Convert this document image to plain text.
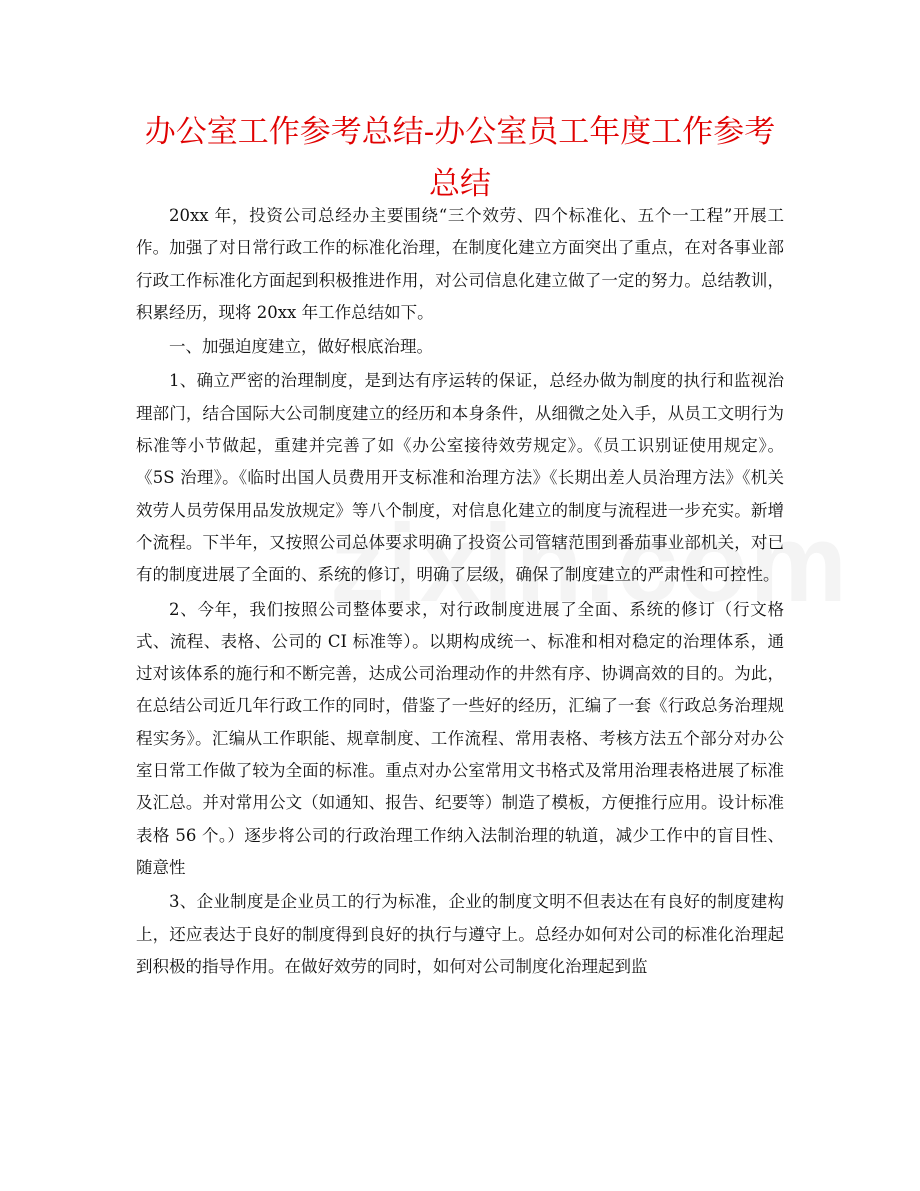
办公室工作参考总结-办公室员工年度工作参考总结

20xx 年，投资公司总经办主要围绕“三个效劳、四个标准化、五个一工程”开展工作。加强了对日常行政工作的标准化治理，在制度化建立方面突出了重点，在对各事业部行政工作标准化方面起到积极推进作用，对公司信息化建立做了一定的努力。总结教训，积累经历，现将 20xx 年工作总结如下。

一、加强迫度建立，做好根底治理。

1、确立严密的治理制度，是到达有序运转的保证，总经办做为制度的执行和监视治理部门，结合国际大公司制度建立的经历和本身条件，从细微之处入手，从员工文明行为标准等小节做起，重建并完善了如《办公室接待效劳规定》。《员工识别证使用规定》。《5S 治理》。《临时出国人员费用开支标准和治理方法》《长期出差人员治理方法》《机关效劳人员劳保用品发放规定》等八个制度，对信息化建立的制度与流程进一步充实。新增个流程。下半年，又按照公司总体要求明确了投资公司管辖范围到番茄事业部机关，对已有的制度进展了全面的、系统的修订，明确了层级，确保了制度建立的严肃性和可控性。

2、今年，我们按照公司整体要求，对行政制度进展了全面、系统的修订（行文格式、流程、表格、公司的 CI 标准等）。以期构成统一、标准和相对稳定的治理体系，通过对该体系的施行和不断完善，达成公司治理动作的井然有序、协调高效的目的。为此，在总结公司近几年行政工作的同时，借鉴了一些好的经历，汇编了一套《行政总务治理规程实务》。汇编从工作职能、规章制度、工作流程、常用表格、考核方法五个部分对办公室日常工作做了较为全面的标准。重点对办公室常用文书格式及常用治理表格进展了标准及汇总。并对常用公文（如通知、报告、纪要等）制造了模板，方便推行应用。设计标准表格 56 个。）逐步将公司的行政治理工作纳入法制治理的轨道，减少工作中的盲目性、随意性

3、企业制度是企业员工的行为标准，企业的制度文明不但表达在有良好的制度建构上，还应表达于良好的制度得到良好的执行与遵守上。总经办如何对公司的标准化治理起到积极的指导作用。在做好效劳的同时，如何对公司制度化治理起到监
